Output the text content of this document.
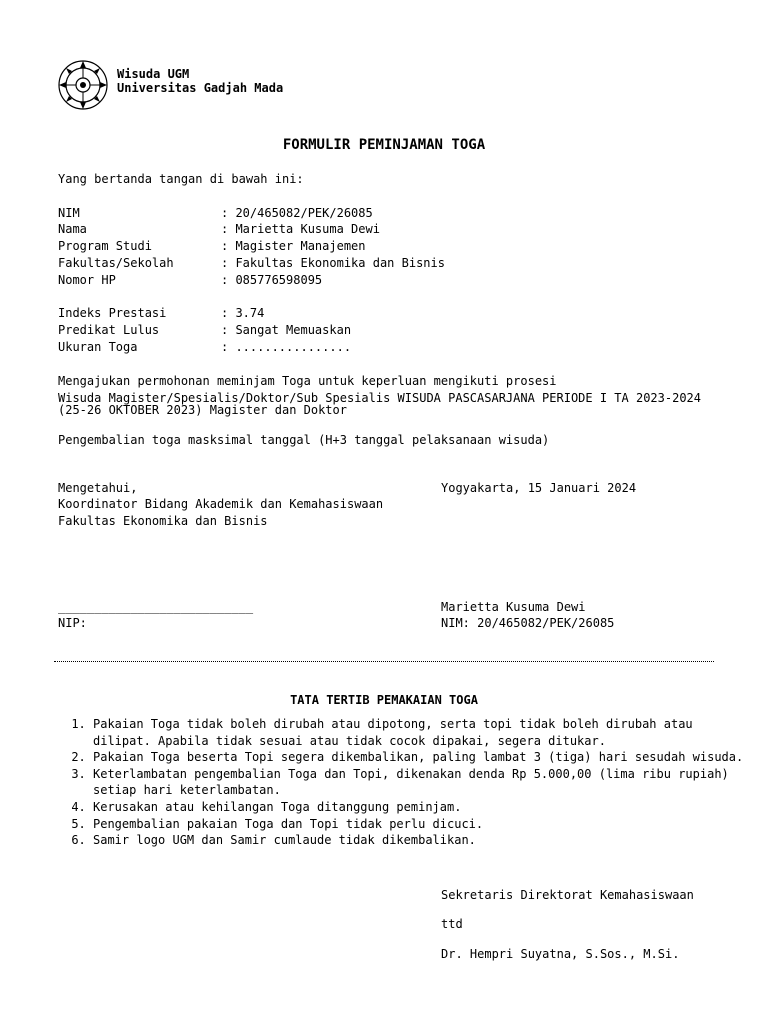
Wisuda UGM
Universitas Gadjah Mada
FORMULIR PEMINJAMAN TOGA
Yang bertanda tangan di bawah ini:
NIM	: 20/465082/PEK/26085
Nama	: Marietta Kusuma Dewi
Program Studi	: Magister Manajemen
Fakultas/Sekolah	: Fakultas Ekonomika dan Bisnis
Nomor HP	: 085776598095
Indeks Prestasi	: 3.74
Predikat Lulus	: Sangat Memuaskan
Ukuran Toga	: ................
Mengajukan permohonan meminjam Toga untuk keperluan mengikuti prosesi
Wisuda Magister/Spesialis/Doktor/Sub Spesialis WISUDA PASCASARJANA PERIODE I TA 2023-2024
(25-26 OKTOBER 2023) Magister dan Doktor
Pengembalian toga masksimal tanggal (H+3 tanggal pelaksanaan wisuda)
Mengetahui,
Koordinator Bidang Akademik dan Kemahasiswaan
Fakultas Ekonomika dan Bisnis
Yogyakarta, 15 Januari 2024
___________________________
NIP:
Marietta Kusuma Dewi
NIM: 20/465082/PEK/26085
TATA TERTIB PEMAKAIAN TOGA
1. Pakaian Toga tidak boleh dirubah atau dipotong, serta topi tidak boleh dirubah atau dilipat. Apabila tidak sesuai atau tidak cocok dipakai, segera ditukar.
2. Pakaian Toga beserta Topi segera dikembalikan, paling lambat 3 (tiga) hari sesudah wisuda.
3. Keterlambatan pengembalian Toga dan Topi, dikenakan denda Rp 5.000,00 (lima ribu rupiah) setiap hari keterlambatan.
4. Kerusakan atau kehilangan Toga ditanggung peminjam.
5. Pengembalian pakaian Toga dan Topi tidak perlu dicuci.
6. Samir logo UGM dan Samir cumlaude tidak dikembalikan.
Sekretaris Direktorat Kemahasiswaan
ttd
Dr. Hempri Suyatna, S.Sos., M.Si.
